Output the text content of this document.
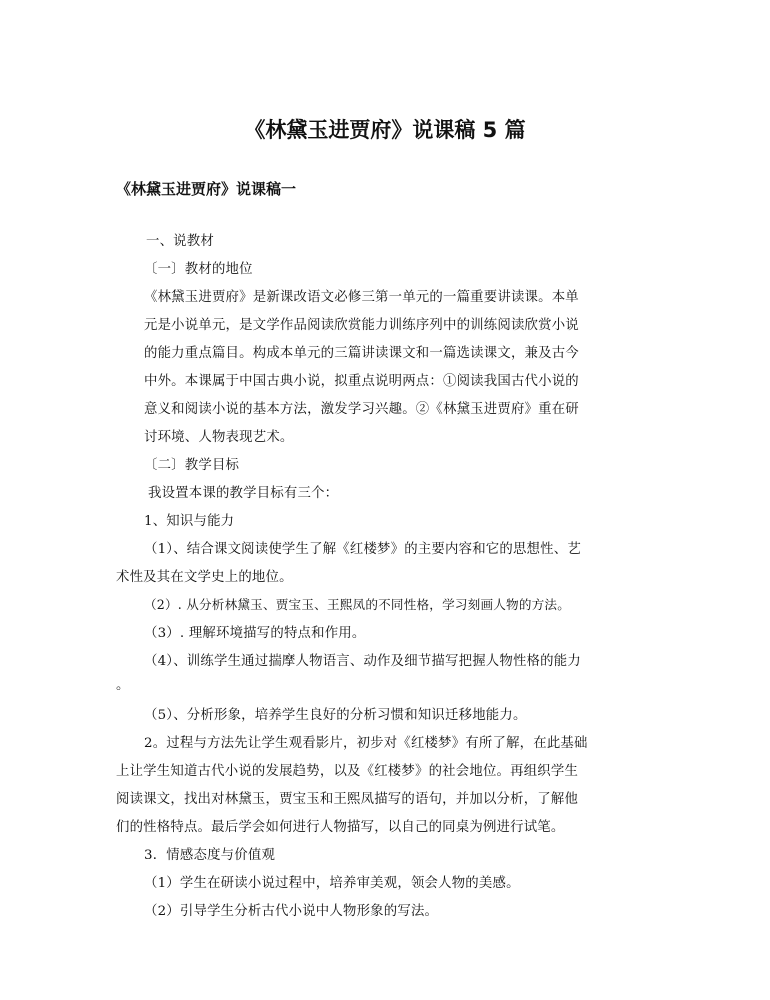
《林黛玉进贾府》说课稿 5 篇
《林黛玉进贾府》说课稿一
一、说教材
〔一〕教材的地位
《林黛玉进贾府》是新课改语文必修三第一单元的一篇重要讲读课。本单
元是小说单元，是文学作品阅读欣赏能力训练序列中的训练阅读欣赏小说
的能力重点篇目。构成本单元的三篇讲读课文和一篇选读课文，兼及古今
中外。本课属于中国古典小说，拟重点说明两点：①阅读我国古代小说的
意义和阅读小说的基本方法，激发学习兴趣。②《林黛玉进贾府》重在研
讨环境、人物表现艺术。
〔二〕教学目标
我设置本课的教学目标有三个：
1、知识与能力
（1）、结合课文阅读使学生了解《红楼梦》的主要内容和它的思想性、艺
术性及其在文学史上的地位。
（2）. 从分析林黛玉、贾宝玉、王熙凤的不同性格，学习刻画人物的方法。
（3）. 理解环境描写的特点和作用。
（4）、训练学生通过揣摩人物语言、动作及细节描写把握人物性格的能力
。
（5）、分析形象，培养学生良好的分析习惯和知识迁移地能力。
2。过程与方法先让学生观看影片，初步对《红楼梦》有所了解，在此基础
上让学生知道古代小说的发展趋势，以及《红楼梦》的社会地位。再组织学生
阅读课文，找出对林黛玉，贾宝玉和王熙凤描写的语句，并加以分析，了解他
们的性格特点。最后学会如何进行人物描写，以自己的同桌为例进行试笔。
3．情感态度与价值观
（1）学生在研读小说过程中，培养审美观，领会人物的美感。
（2）引导学生分析古代小说中人物形象的写法。
